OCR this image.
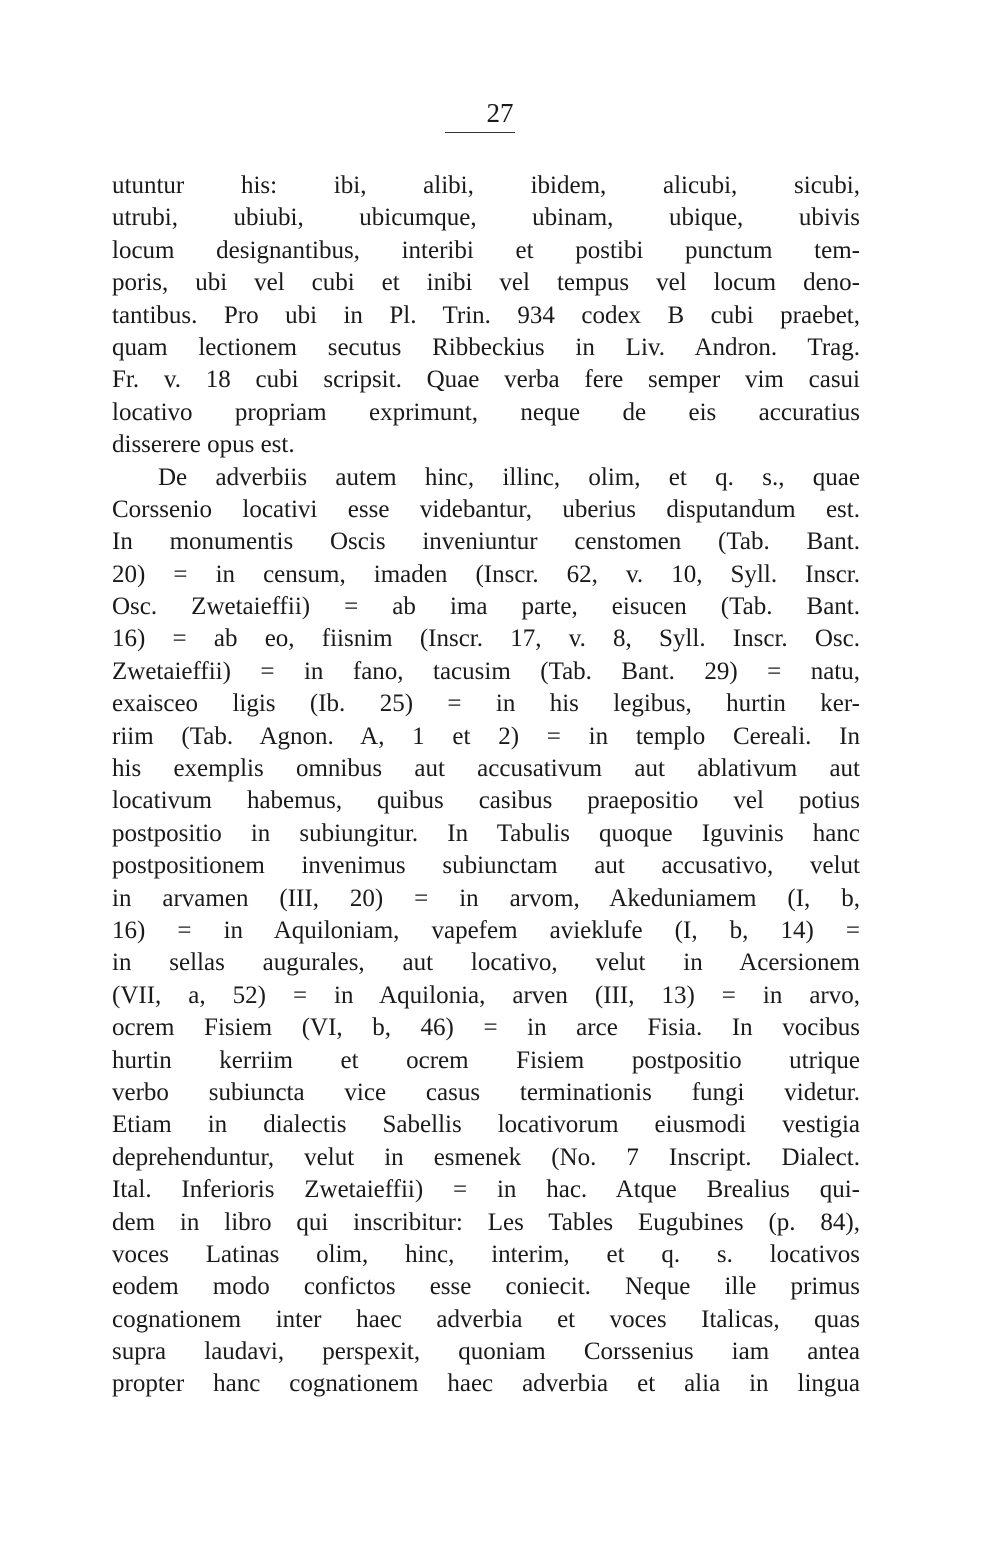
27
utuntur his: ibi, alibi, ibidem, alicubi, sicubi,
utrubi, ubiubi, ubicumque, ubinam, ubique, ubivis
locum designantibus, interibi et postibi punctum tem-
poris, ubi vel cubi et inibi vel tempus vel locum deno-
tantibus. Pro ubi in Pl. Trin. 934 codex B cubi praebet,
quam lectionem secutus Ribbeckius in Liv. Andron. Trag.
Fr. v. 18 cubi scripsit. Quae verba fere semper vim casui
locativo propriam exprimunt, neque de eis accuratius
disserere opus est.
De adverbiis autem hinc, illinc, olim, et q. s., quae
Corssenio locativi esse videbantur, uberius disputandum est.
In monumentis Oscis inveniuntur censtomen (Tab. Bant.
20) = in censum, imaden (Inscr. 62, v. 10, Syll. Inscr.
Osc. Zwetaieffii) = ab ima parte, eisucen (Tab. Bant.
16) = ab eo, fiisnim (Inscr. 17, v. 8, Syll. Inscr. Osc.
Zwetaieffii) = in fano, tacusim (Tab. Bant. 29) = natu,
exaisceo ligis (Ib. 25) = in his legibus, hurtin ker-
riim (Tab. Agnon. A, 1 et 2) = in templo Cereali. In
his exemplis omnibus aut accusativum aut ablativum aut
locativum habemus, quibus casibus praepositio vel potius
postpositio in subiungitur. In Tabulis quoque Iguvinis hanc
postpositionem invenimus subiunctam aut accusativo, velut
in arvamen (III, 20) = in arvom, Akeduniamem (I, b,
16) = in Aquiloniam, vapefem avieklufe (I, b, 14) =
in sellas augurales, aut locativo, velut in Acersionem
(VII, a, 52) = in Aquilonia, arven (III, 13) = in arvo,
ocrem Fisiem (VI, b, 46) = in arce Fisia. In vocibus
hurtin kerriim et ocrem Fisiem postpositio utrique
verbo subiuncta vice casus terminationis fungi videtur.
Etiam in dialectis Sabellis locativorum eiusmodi vestigia
deprehenduntur, velut in esmenek (No. 7 Inscript. Dialect.
Ital. Inferioris Zwetaieffii) = in hac. Atque Brealius qui-
dem in libro qui inscribitur: Les Tables Eugubines (p. 84),
voces Latinas olim, hinc, interim, et q. s. locativos
eodem modo confictos esse coniecit. Neque ille primus
cognationem inter haec adverbia et voces Italicas, quas
supra laudavi, perspexit, quoniam Corssenius iam antea
propter hanc cognationem haec adverbia et alia in lingua
